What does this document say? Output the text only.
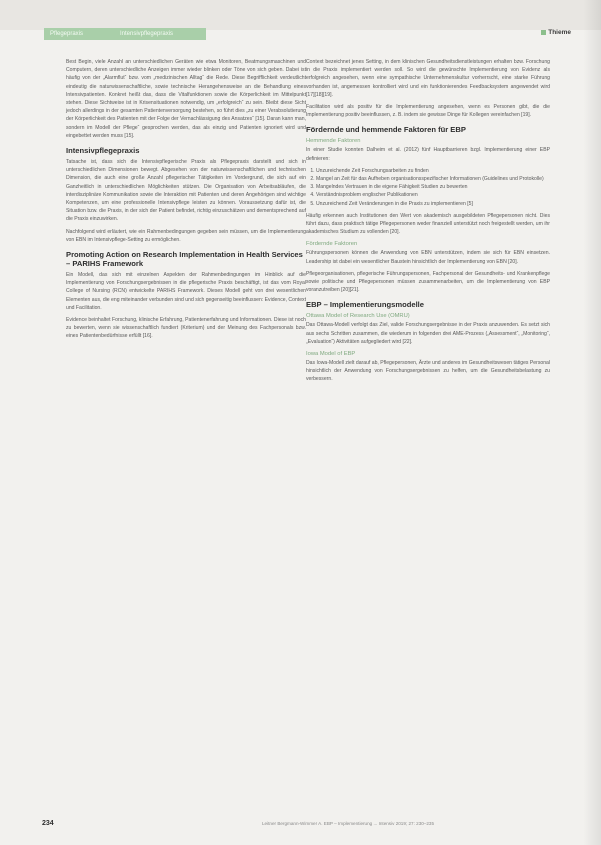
Pflegepraxis	Intensivpflegepraxis	Thieme

Best Begin, viele Anzahl an unterschiedlichen Geräten wie etwa Monitoren, Beatmungsmaschinen und Computern, deren unterschiedliche Anzeigen immer wieder blinken oder Töne von sich geben. Dabei ist häufig von der „Alarmflut“ bzw. vom „medizinischen Alltag“ die Rede. Diese Begrifflichkeit verdeutlicht eindeutig die naturwissenschaftliche, sowie technische Herangehensweise an die Behandlung eines Intensivpatienten. Konkret heißt das, dass die Vitalfunktionen sowie die Körperlichkeit im Mittelpunkt stehen. Diese Sichtweise ist in Krisensituationen notwendig, um „erfolgreich“ zu sein. Bleibt diese Sicht jedoch allerdings in der gesamten Patientenversorgung bestehen, so führt dies „zu einer Verabsolutierung der Körperlichkeit des Patienten mit der Folge der Vernachlässigung des Ansatzes“ [15]. Daran kann man, sondern im Modell der Pflege“ gesprochen werden, das als einzig und Patienten ignoriert wird und eingebettet werden muss [15].

Intensivpflegepraxis

Tatsache ist, dass sich die Intensivpflegerische Praxis als Pflegepraxis darstellt und sich in unterschiedlichen Dimensionen bewegt. Abgesehen von der naturwissenschaftlichen und technischen Dimension, die auch eine große Anzahl pflegerischer Tätigkeiten im Vordergrund, die sich auf ein Ganzheitlich in unterschiedlichen Möglichkeiten stützen. Die Organisation von Arbeitsabläufen, die interdisziplinäre Kommunikation sowie die Interaktion mit Patienten und deren Angehörigen sind wichtige Kompetenzen, um eine professionelle Intensivpflege leisten zu können. Voraussetzung dafür ist, die Situation bzw. die Praxis, in der sich der Patient befindet, richtig einzuschätzen und dementsprechend auf die Praxis einzuwirken.

Nachfolgend wird erläutert, wie ein Rahmenbedingungen gegeben sein müssen, um die Implementierung von EBN im Intensivpflege-Setting zu ermöglichen.

Promoting Action on Research Implementation in Health Services – PARIHS Framework

Ein Modell, das sich mit einzelnen Aspekten der Rahmenbedingungen im Hinblick auf die Implementierung von Forschungsergebnissen in die pflegerische Praxis beschäftigt, ist das vom Royal College of Nursing (RCN) entwickelte PARIHS Framework. Dieses Modell geht von drei wesentlichen Elementen aus, die eng miteinander verbunden sind und sich gegenseitig beeinflussen: Evidence, Context und Facilitation.

Evidence beinhaltet Forschung, klinische Erfahrung, Patientenerfahrung und Informationen. Diese ist noch zu bewerten, wenn sie wissenschaftlich fundiert (Kriterium) und der Meinung des Fachpersonals bzw. eines Patientenbedürfnisse erfüllt [16].

Context bezeichnet jenes Setting, in dem klinischen Gesundheitsdienstleistungen erhalten bzw. Forschung in die Praxis implementiert werden soll. So wird die gewünschte Implementierung von Evidenz als erfolgreich angesehen, wenn eine sympathische Unternehmenskultur vorherrscht, eine starke Führung vorhanden ist, angemessen kontrolliert wird und ein funktionierendes Feedbacksystem angewendet wird [17][18][19].

Facilitation wird als positiv für die Implementierung angesehen, wenn es Personen gibt, die die Implementierung positiv beeinflussen, z. B. indem sie gewisse Dinge für Kollegen vereinfachen [19].

Fördernde und hemmende Faktoren für EBP
Hemmende Faktoren

In einer Studie konnten Dalheim et al. (2012) fünf Hauptbarrieren bzgl. Implementierung einer EBP definieren:

1. Unzureichende Zeit Forschungsarbeiten zu finden
2. Mangel an Zeit für das Aufheben organisationsspezifischer Informationen (Guidelines und Protokolle)
3. Mangelndes Vertrauen in die eigene Fähigkeit Studien zu bewerten
4. Verständnisproblem englischer Publikationen
5. Unzureichend Zeit Veränderungen in die Praxis zu implementieren [5]

Häufig erkennen auch Institutionen den Wert von akademisch ausgebildeten Pflegepersonen nicht. Dies führt dazu, dass praktisch tätige Pflegepersonen weder finanziell unterstützt noch freigestellt werden, um ihr akademisches Studium zu vollenden [20].

Fördernde Faktoren

Führungspersonen können die Anwendung von EBN unterstützen, indem sie sich für EBN einsetzen. Leadership ist dabei ein wesentlicher Baustein hinsichtlich der Implementierung von EBN [20].

Pflegeorganisationen, pflegerische Führungspersonen, Fachpersonal der Gesundheits- und Krankenpflege sowie politische und Pflegepersonen müssen zusammenarbeiten, um die Implementierung von EBP voranzutreiben [20][21].

EBP – Implementierungsmodelle
Ottawa Model of Research Use (OMRU)

Das Ottawa-Modell verfolgt das Ziel, valide Forschungsergebnisse in der Praxis anzuwenden. Es setzt sich aus sechs Schritten zusammen, die wiederum in folgenden drei AME-Prozess („Assessment“, „Monitoring“, „Evaluation“) Aktivitäten aufgegliedert wird [22].

Iowa Model of EBP

Das Iowa-Modell zielt darauf ab, Pflegepersonen, Ärzte und anderes im Gesundheitswesen tätiges Personal hinsichtlich der Anwendung von Forschungsergebnissen zu helfen, um die Gesundheitsbelastung zu verbessern.

234	Leitner Bergmann-Wimmer A. EBP – Implementierung ... Intensiv 2019; 27: 230–235
